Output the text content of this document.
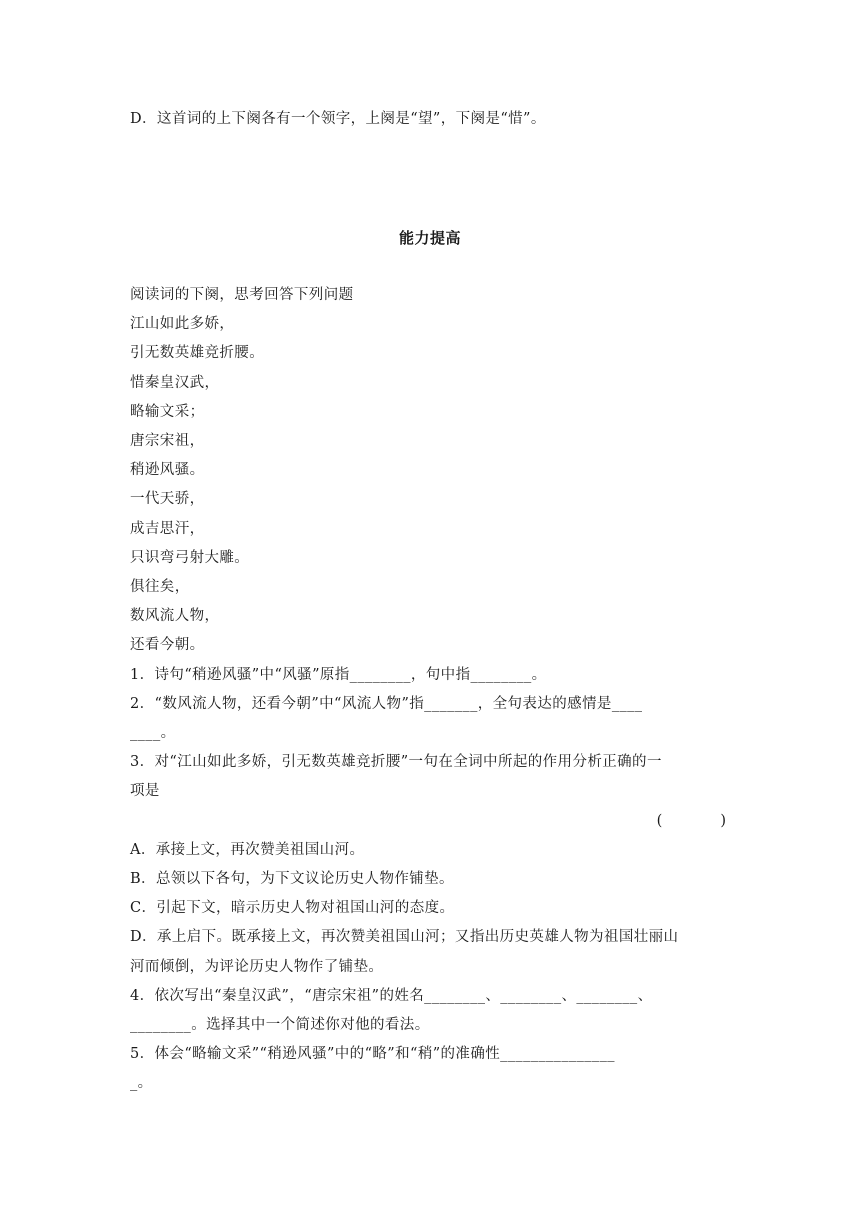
D．这首词的上下阕各有一个领字，上阕是“望”，下阕是“惜”。
能力提高
阅读词的下阕，思考回答下列问题
江山如此多娇，
引无数英雄竞折腰。
惜秦皇汉武，
略输文采；
唐宗宋祖，
稍逊风骚。
一代天骄，
成吉思汗，
只识弯弓射大雕。
俱往矣，
数风流人物，
还看今朝。
1．诗句“稍逊风骚”中“风骚”原指________，句中指________。
2．“数风流人物，还看今朝”中“风流人物”指_______，全句表达的感情是____
____。
3．对“江山如此多娇，引无数英雄竞折腰”一句在全词中所起的作用分析正确的一
项是
(	)
A．承接上文，再次赞美祖国山河。
B．总领以下各句，为下文议论历史人物作铺垫。
C．引起下文，暗示历史人物对祖国山河的态度。
D．承上启下。既承接上文，再次赞美祖国山河；又指出历史英雄人物为祖国壮丽山
河而倾倒，为评论历史人物作了铺垫。
4．依次写出“秦皇汉武”，“唐宗宋祖”的姓名________、________、________、
________。选择其中一个简述你对他的看法。
5．体会“略输文采”“稍逊风骚”中的“略”和“稍”的准确性_______________
_。
